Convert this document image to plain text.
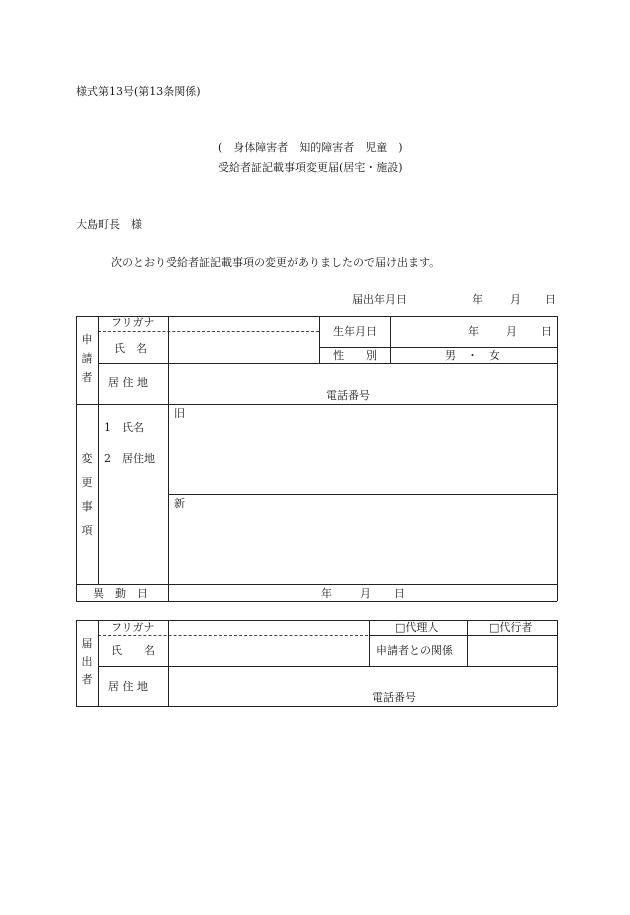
様式第13号(第13条関係)
(　身体障害者　知的障害者　児童　)
受給者証記載事項変更届(居宅・施設)
大島町長　様
次のとおり受給者証記載事項の変更がありましたので届け出ます。
届出年月日	年 月 日
申
請
者
フリガナ
氏　名
生年月日	年 月 日
性　　別	男　・　女
居 住 地
電話番号
変
更
事
項
1　氏名
2　居住地
旧
新
異　動　日	年	月 日
届
出
者
フリガナ
氏　　名
□代理人	□代行者
申請者との関係
居 住 地
電話番号
